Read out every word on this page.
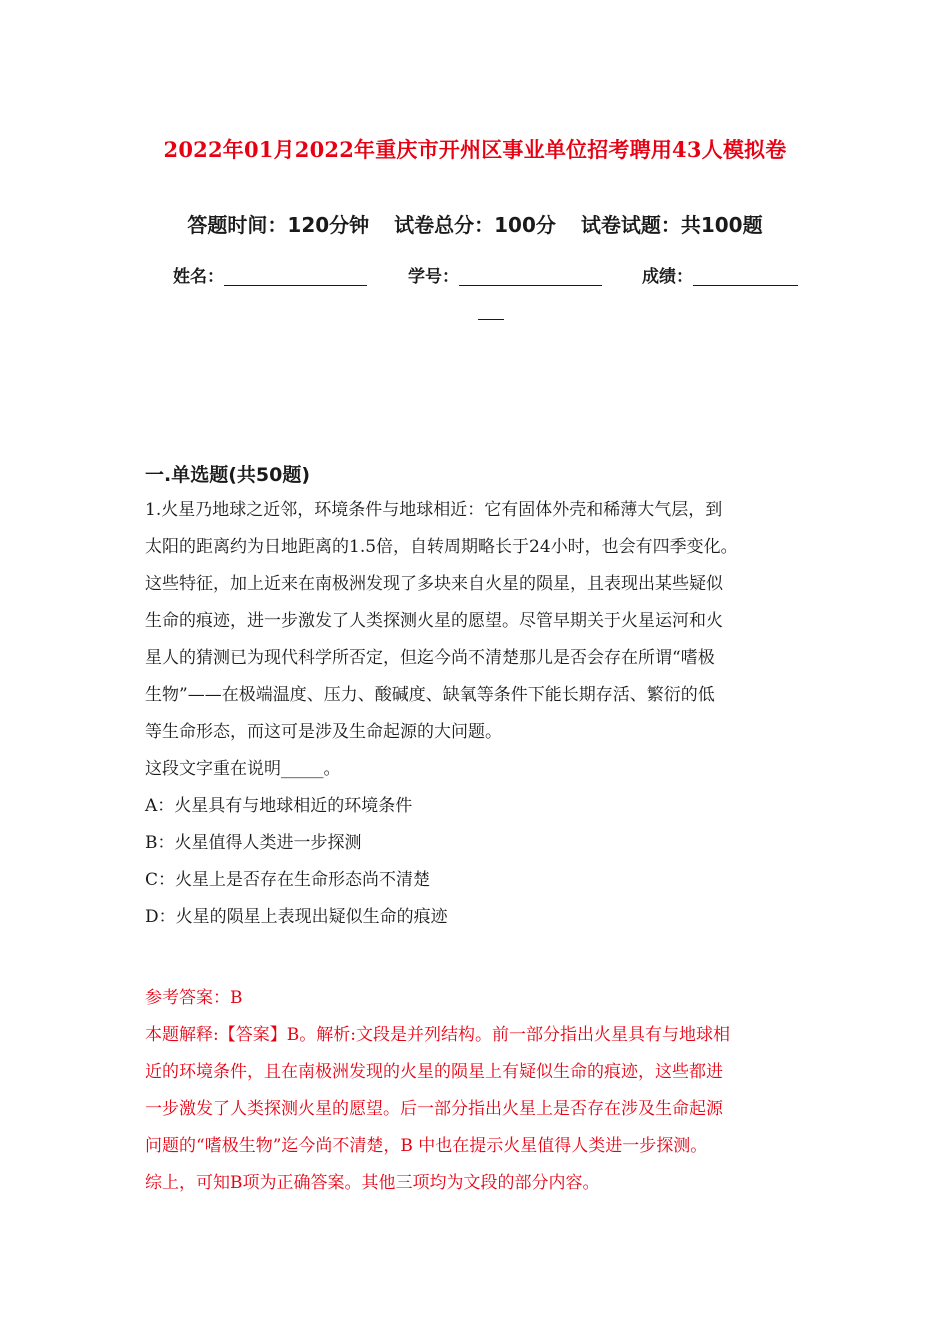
2022年01月2022年重庆市开州区事业单位招考聘用43人模拟卷
答题时间：120分钟 试卷总分：100分 试卷试题：共100题
姓名：	学号：	成绩：
一.单选题(共50题)
1.火星乃地球之近邻，环境条件与地球相近：它有固体外壳和稀薄大气层，到
太阳的距离约为日地距离的1.5倍，自转周期略长于24小时，也会有四季变化。
这些特征，加上近来在南极洲发现了多块来自火星的陨星，且表现出某些疑似
生命的痕迹，进一步激发了人类探测火星的愿望。尽管早期关于火星运河和火
星人的猜测已为现代科学所否定，但迄今尚不清楚那儿是否会存在所谓“嗜极
生物”——在极端温度、压力、酸碱度、缺氧等条件下能长期存活、繁衍的低
等生命形态，而这可是涉及生命起源的大问题。
这段文字重在说明_____。
A：火星具有与地球相近的环境条件
B：火星值得人类进一步探测
C：火星上是否存在生命形态尚不清楚
D：火星的陨星上表现出疑似生命的痕迹
参考答案：B
本题解释:【答案】B。解析:文段是并列结构。前一部分指出火星具有与地球相
近的环境条件，且在南极洲发现的火星的陨星上有疑似生命的痕迹，这些都进
一步激发了人类探测火星的愿望。后一部分指出火星上是否存在涉及生命起源
问题的“嗜极生物”迄今尚不清楚，B 中也在提示火星值得人类进一步探测。
综上，可知B项为正确答案。其他三项均为文段的部分内容。
